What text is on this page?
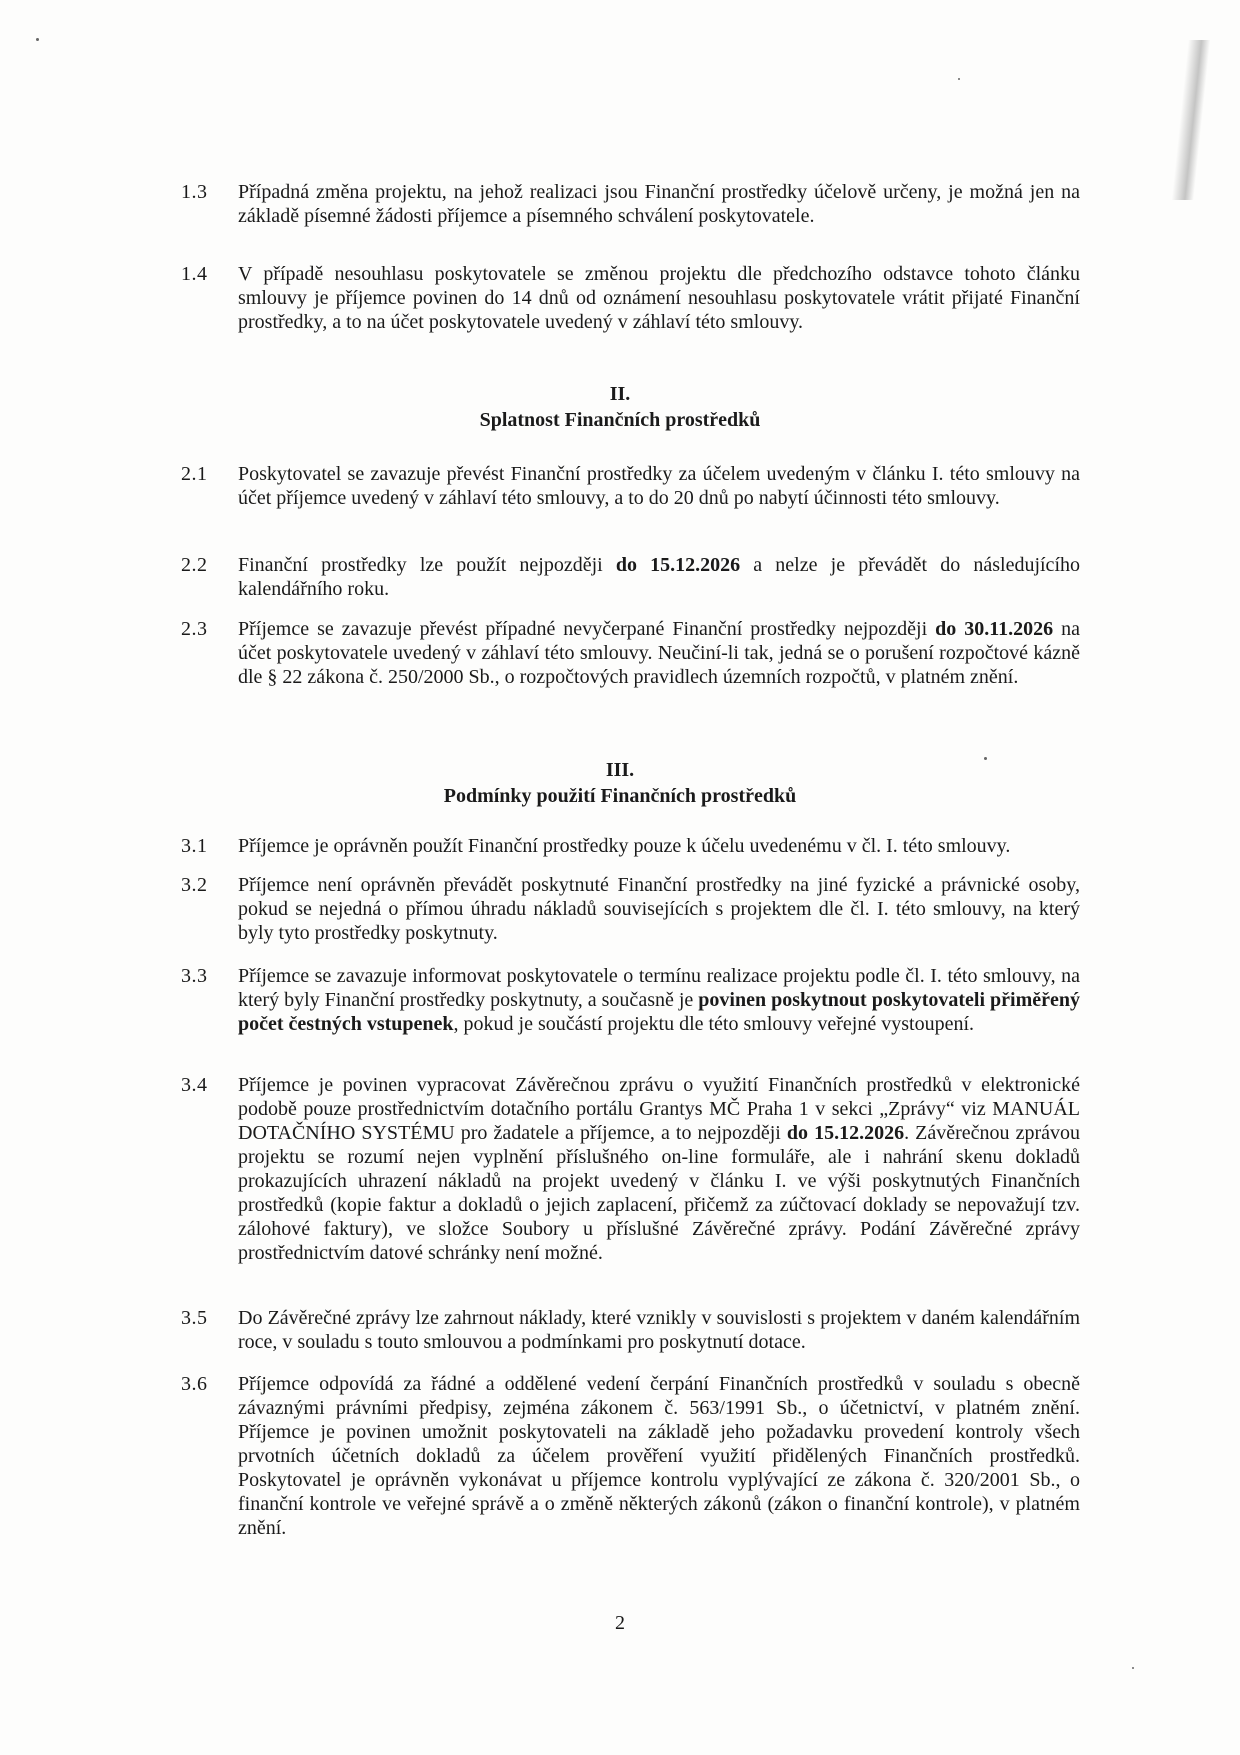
1.3 Případná změna projektu, na jehož realizaci jsou Finanční prostředky účelově určeny, je možná jen na základě písemné žádosti příjemce a písemného schválení poskytovatele.

1.4 V případě nesouhlasu poskytovatele se změnou projektu dle předchozího odstavce tohoto článku smlouvy je příjemce povinen do 14 dnů od oznámení nesouhlasu poskytovatele vrátit přijaté Finanční prostředky, a to na účet poskytovatele uvedený v záhlaví této smlouvy.

II.
Splatnost Finančních prostředků
2.1 Poskytovatel se zavazuje převést Finanční prostředky za účelem uvedeným v článku I. této smlouvy na účet příjemce uvedený v záhlaví této smlouvy, a to do 20 dnů po nabytí účinnosti této smlouvy.

2.2 Finanční prostředky lze použít nejpozději do 15.12.2026 a nelze je převádět do následujícího kalendářního roku.

2.3 Příjemce se zavazuje převést případné nevyčerpané Finanční prostředky nejpozději do 30.11.2026 na účet poskytovatele uvedený v záhlaví této smlouvy. Neučiní-li tak, jedná se o porušení rozpočtové kázně dle § 22 zákona č. 250/2000 Sb., o rozpočtových pravidlech územních rozpočtů, v platném znění.

III.
Podmínky použití Finančních prostředků
3.1 Příjemce je oprávněn použít Finanční prostředky pouze k účelu uvedenému v čl. I. této smlouvy.

3.2 Příjemce není oprávněn převádět poskytnuté Finanční prostředky na jiné fyzické a právnické osoby, pokud se nejedná o přímou úhradu nákladů souvisejících s projektem dle čl. I. této smlouvy, na který byly tyto prostředky poskytnuty.

3.3 Příjemce se zavazuje informovat poskytovatele o termínu realizace projektu podle čl. I. této smlouvy, na který byly Finanční prostředky poskytnuty, a současně je povinen poskytnout poskytovateli přiměřený počet čestných vstupenek, pokud je součástí projektu dle této smlouvy veřejné vystoupení.

3.4 Příjemce je povinen vypracovat Závěrečnou zprávu o využití Finančních prostředků v elektronické podobě pouze prostřednictvím dotačního portálu Grantys MČ Praha 1 v sekci „Zprávy“ viz MANUÁL DOTAČNÍHO SYSTÉMU pro žadatele a příjemce, a to nejpozději do 15.12.2026. Závěrečnou zprávou projektu se rozumí nejen vyplnění příslušného on-line formuláře, ale i nahrání skenu dokladů prokazujících uhrazení nákladů na projekt uvedený v článku I. ve výši poskytnutých Finančních prostředků (kopie faktur a dokladů o jejich zaplacení, přičemž za zúčtovací doklady se nepovažují tzv. zálohové faktury), ve složce Soubory u příslušné Závěrečné zprávy. Podání Závěrečné zprávy prostřednictvím datové schránky není možné.

3.5 Do Závěrečné zprávy lze zahrnout náklady, které vznikly v souvislosti s projektem v daném kalendářním roce, v souladu s touto smlouvou a podmínkami pro poskytnutí dotace.

3.6 Příjemce odpovídá za řádné a oddělené vedení čerpání Finančních prostředků v souladu s obecně závaznými právními předpisy, zejména zákonem č. 563/1991 Sb., o účetnictví, v platném znění. Příjemce je povinen umožnit poskytovateli na základě jeho požadavku provedení kontroly všech prvotních účetních dokladů za účelem prověření využití přidělených Finančních prostředků. Poskytovatel je oprávněn vykonávat u příjemce kontrolu vyplývající ze zákona č. 320/2001 Sb., o finanční kontrole ve veřejné správě a o změně některých zákonů (zákon o finanční kontrole), v platném znění.

2
